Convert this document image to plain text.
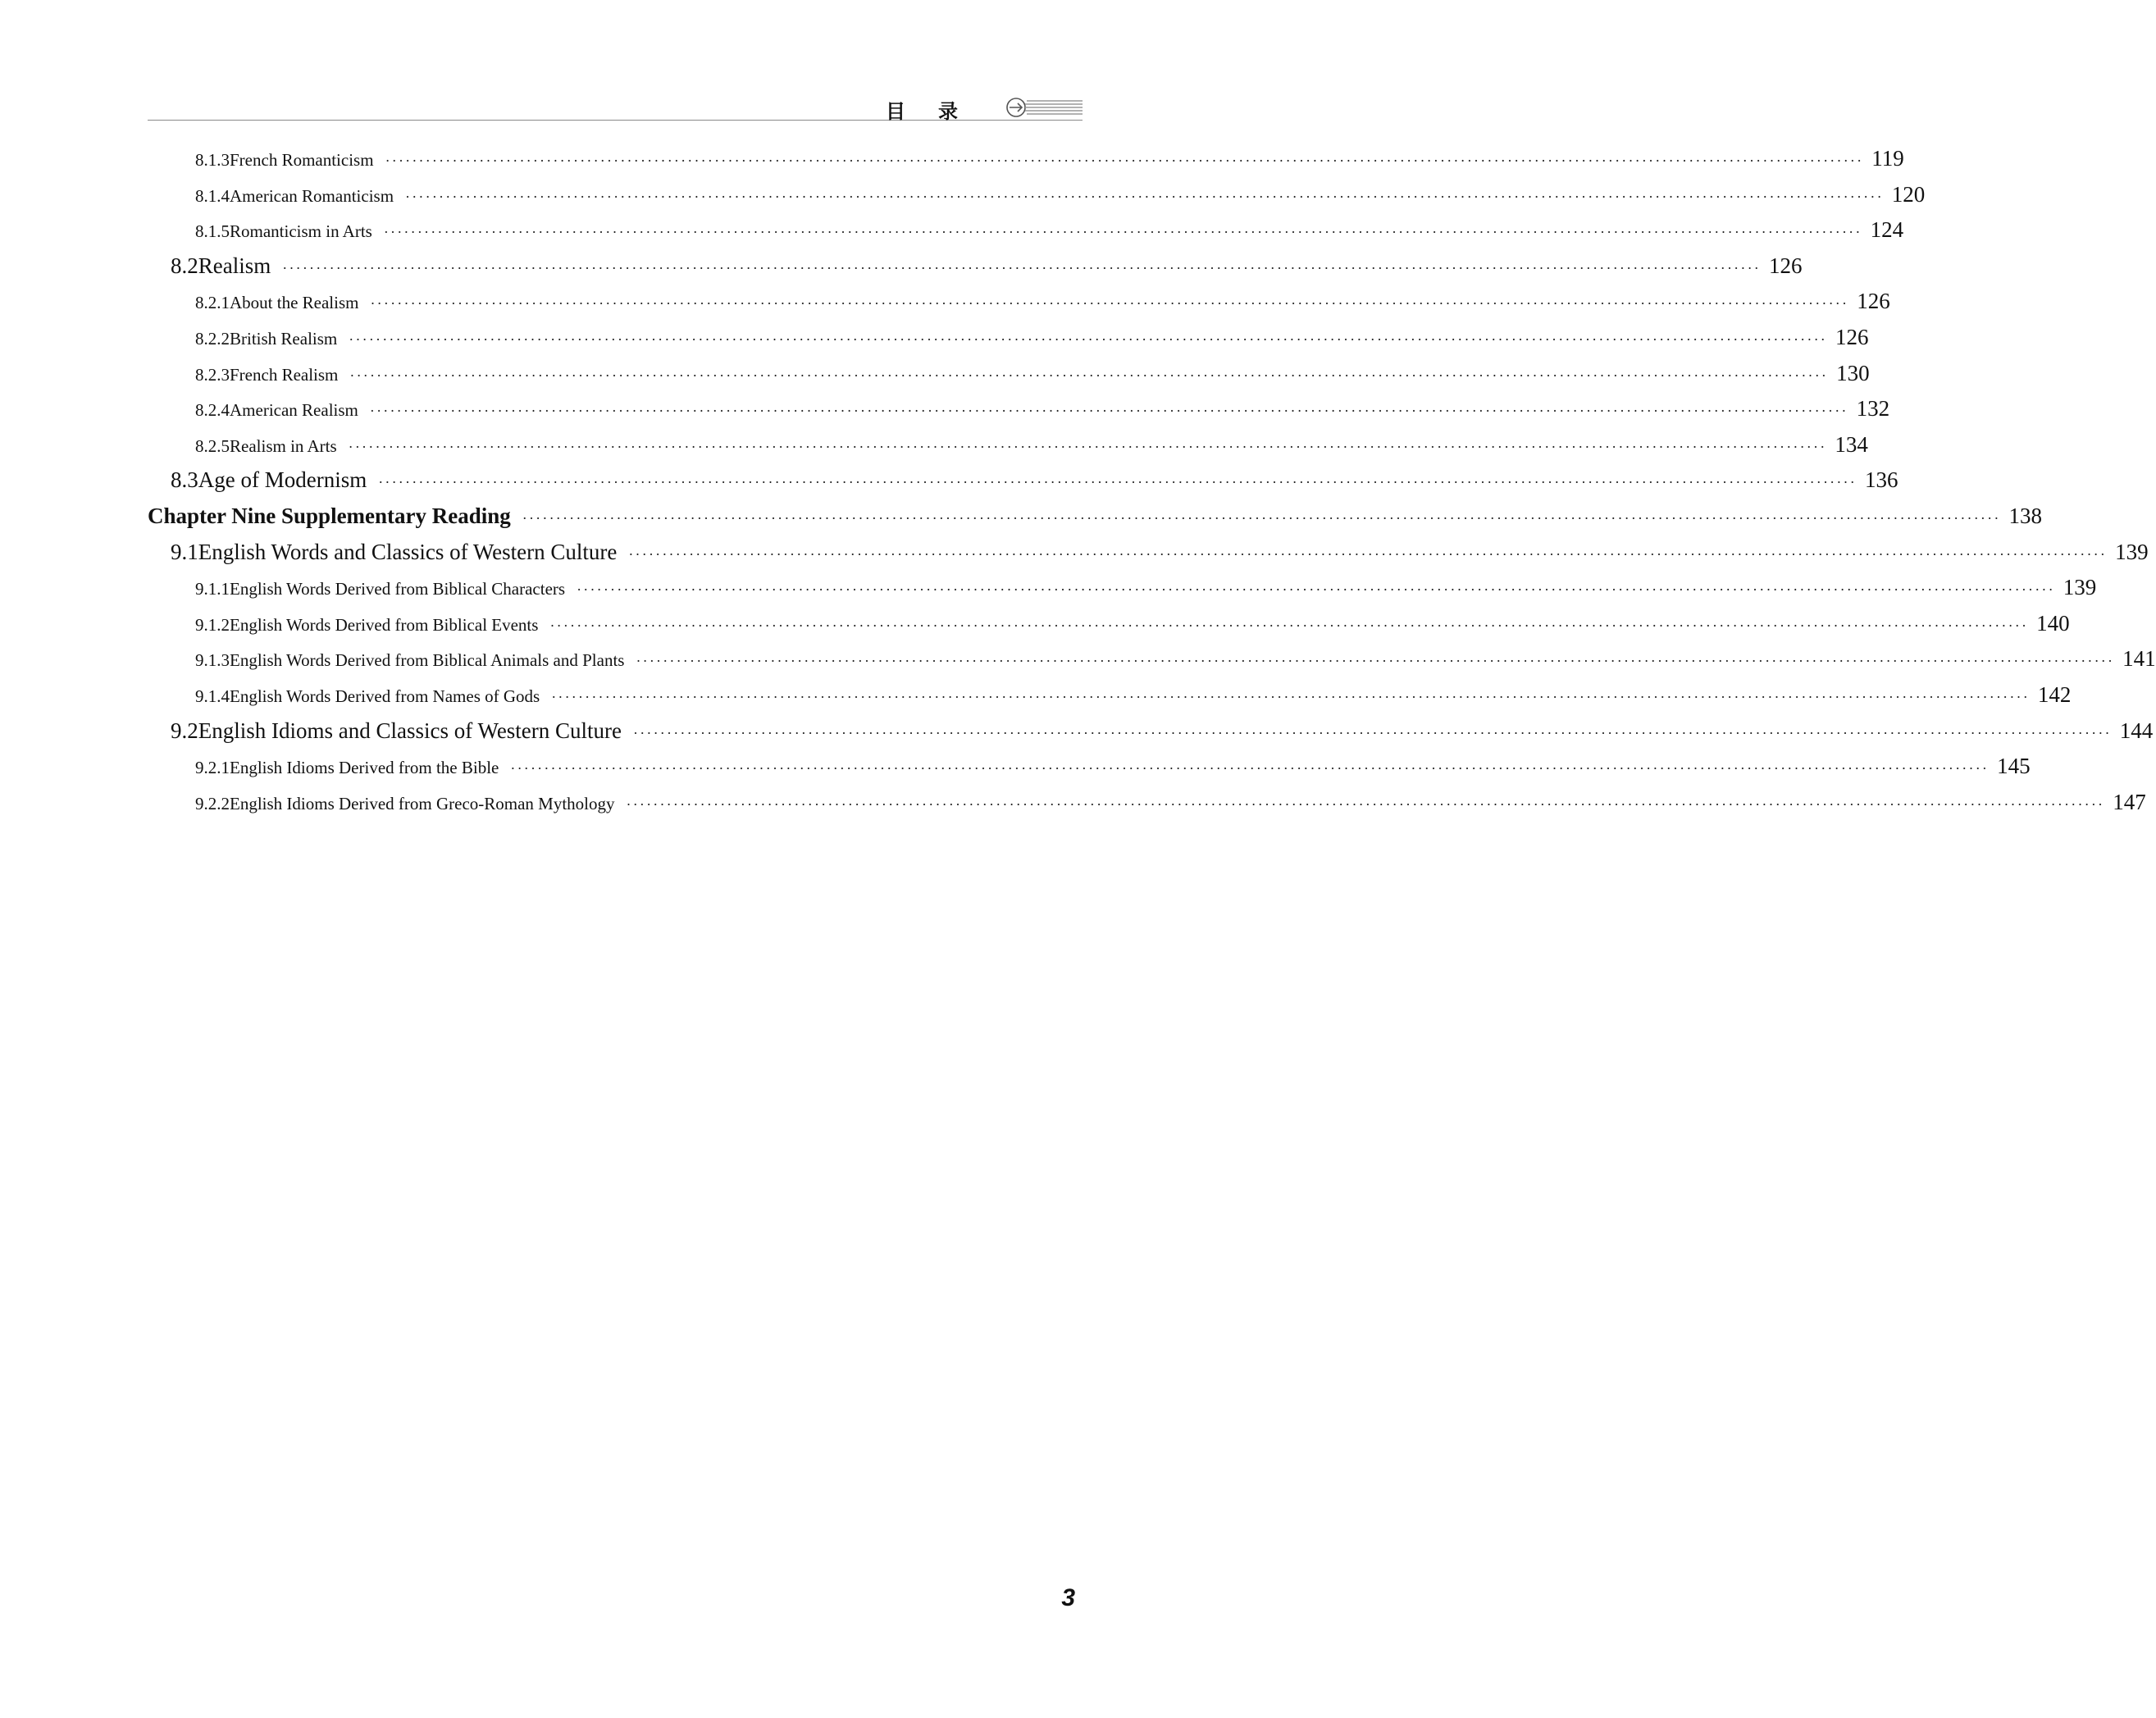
目录
8.1.3 French Romanticism ···························································································································································································································· 119
8.1.4 American Romanticism ···························································································································································································································· 120
8.1.5 Romanticism in Arts ···························································································································································································································· 124
8.2 Realism ···························································································································································································································· 126
8.2.1 About the Realism ···························································································································································································································· 126
8.2.2 British Realism ···························································································································································································································· 126
8.2.3 French Realism ···························································································································································································································· 130
8.2.4 American Realism ···························································································································································································································· 132
8.2.5 Realism in Arts ···························································································································································································································· 134
8.3 Age of Modernism ···························································································································································································································· 136
Chapter Nine Supplementary Reading ···························································································································································································································· 138
9.1 English Words and Classics of Western Culture ···························································································································································································································· 139
9.1.1 English Words Derived from Biblical Characters ···························································································································································································································· 139
9.1.2 English Words Derived from Biblical Events ···························································································································································································································· 140
9.1.3 English Words Derived from Biblical Animals and Plants ···························································································································································································································· 141
9.1.4 English Words Derived from Names of Gods ···························································································································································································································· 142
9.2 English Idioms and Classics of Western Culture ···························································································································································································································· 144
9.2.1 English Idioms Derived from the Bible ···························································································································································································································· 145
9.2.2 English Idioms Derived from Greco-Roman Mythology ···························································································································································································································· 147
3
